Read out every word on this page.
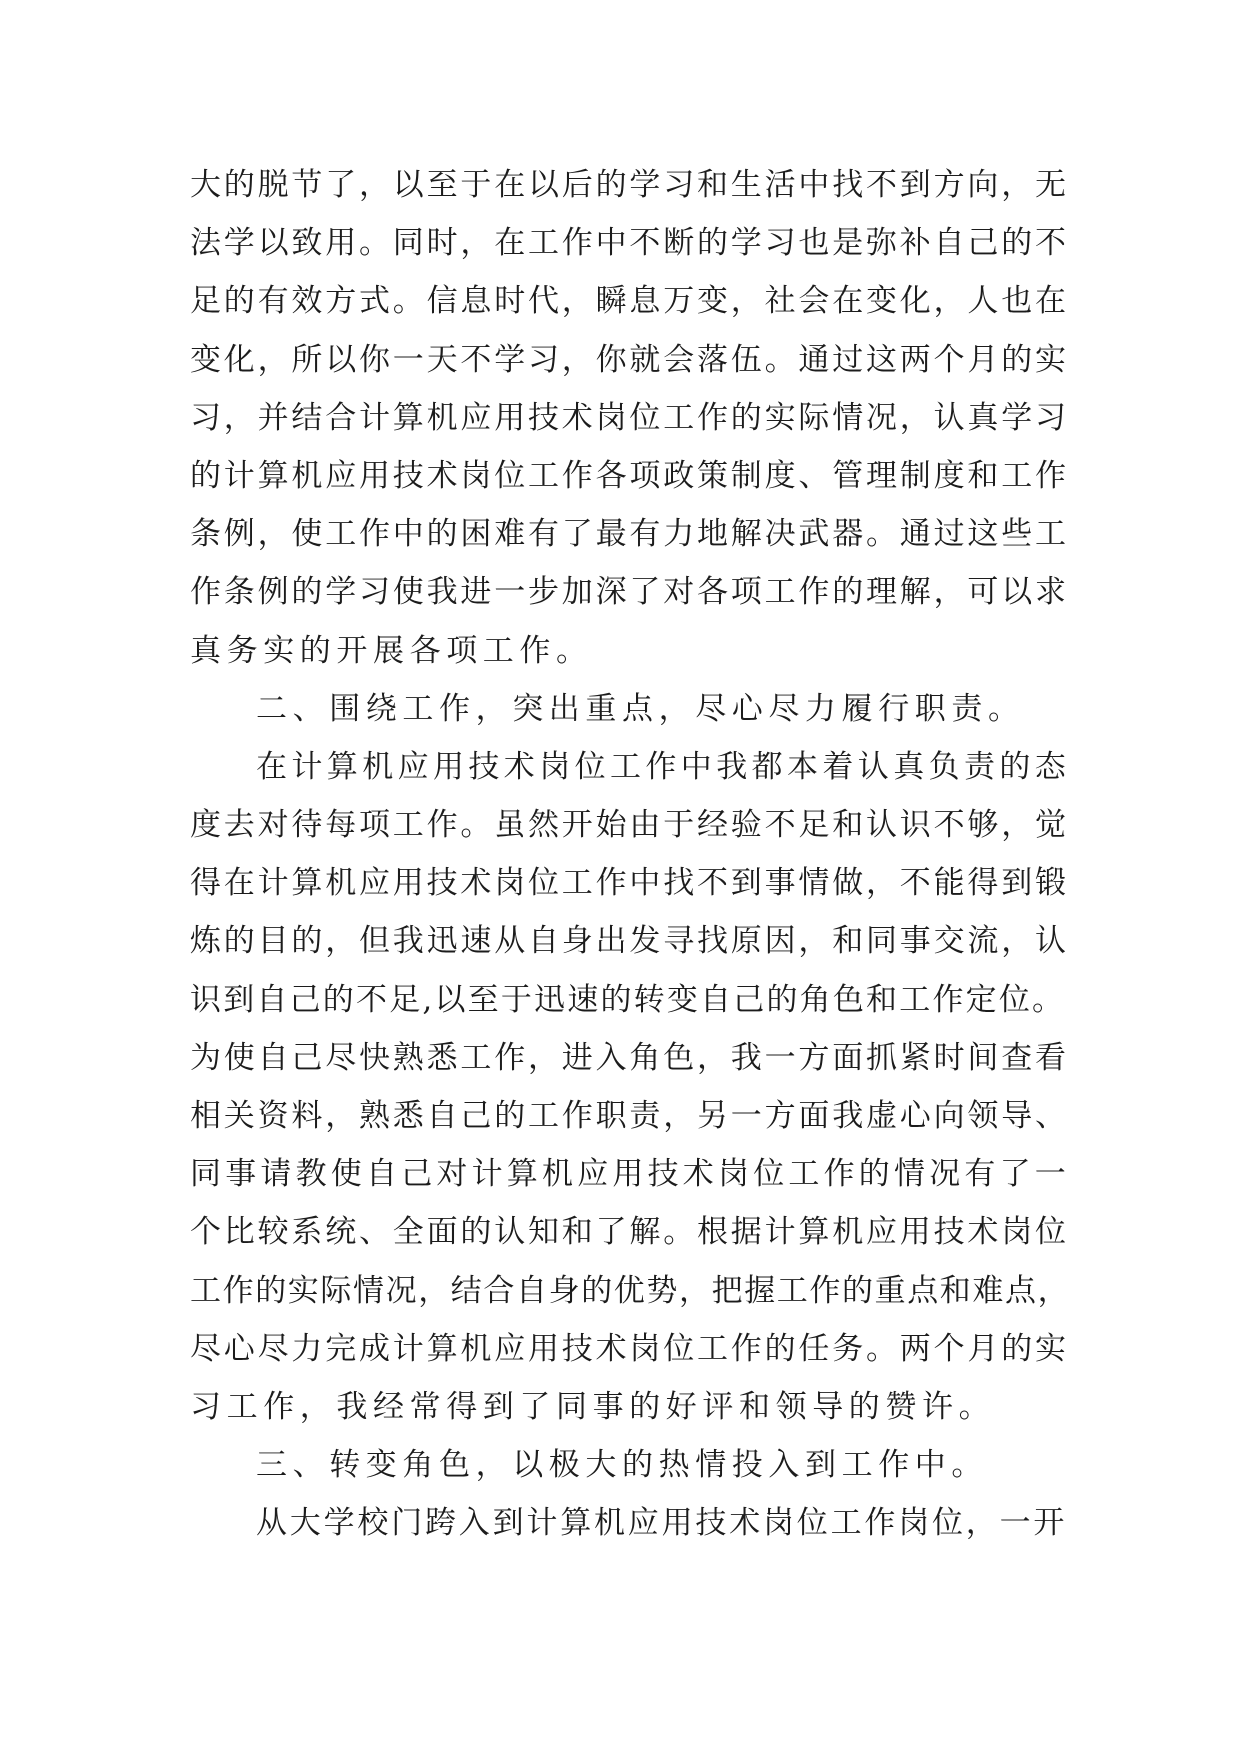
大的脱节了，以至于在以后的学习和生活中找不到方向，无
法学以致用。同时，在工作中不断的学习也是弥补自己的不
足的有效方式。信息时代，瞬息万变，社会在变化，人也在
变化，所以你一天不学习，你就会落伍。通过这两个月的实
习，并结合计算机应用技术岗位工作的实际情况，认真学习
的计算机应用技术岗位工作各项政策制度、管理制度和工作
条例，使工作中的困难有了最有力地解决武器。通过这些工
作条例的学习使我进一步加深了对各项工作的理解，可以求
真务实的开展各项工作。
二、围绕工作，突出重点，尽心尽力履行职责。
在计算机应用技术岗位工作中我都本着认真负责的态
度去对待每项工作。虽然开始由于经验不足和认识不够，觉
得在计算机应用技术岗位工作中找不到事情做，不能得到锻
炼的目的，但我迅速从自身出发寻找原因，和同事交流，认
识到自己的不足,以至于迅速的转变自己的角色和工作定位。
为使自己尽快熟悉工作，进入角色，我一方面抓紧时间查看
相关资料，熟悉自己的工作职责，另一方面我虚心向领导、
同事请教使自己对计算机应用技术岗位工作的情况有了一
个比较系统、全面的认知和了解。根据计算机应用技术岗位
工作的实际情况，结合自身的优势，把握工作的重点和难点，
尽心尽力完成计算机应用技术岗位工作的任务。两个月的实
习工作，我经常得到了同事的好评和领导的赞许。
三、转变角色，以极大的热情投入到工作中。
从大学校门跨入到计算机应用技术岗位工作岗位，一开
